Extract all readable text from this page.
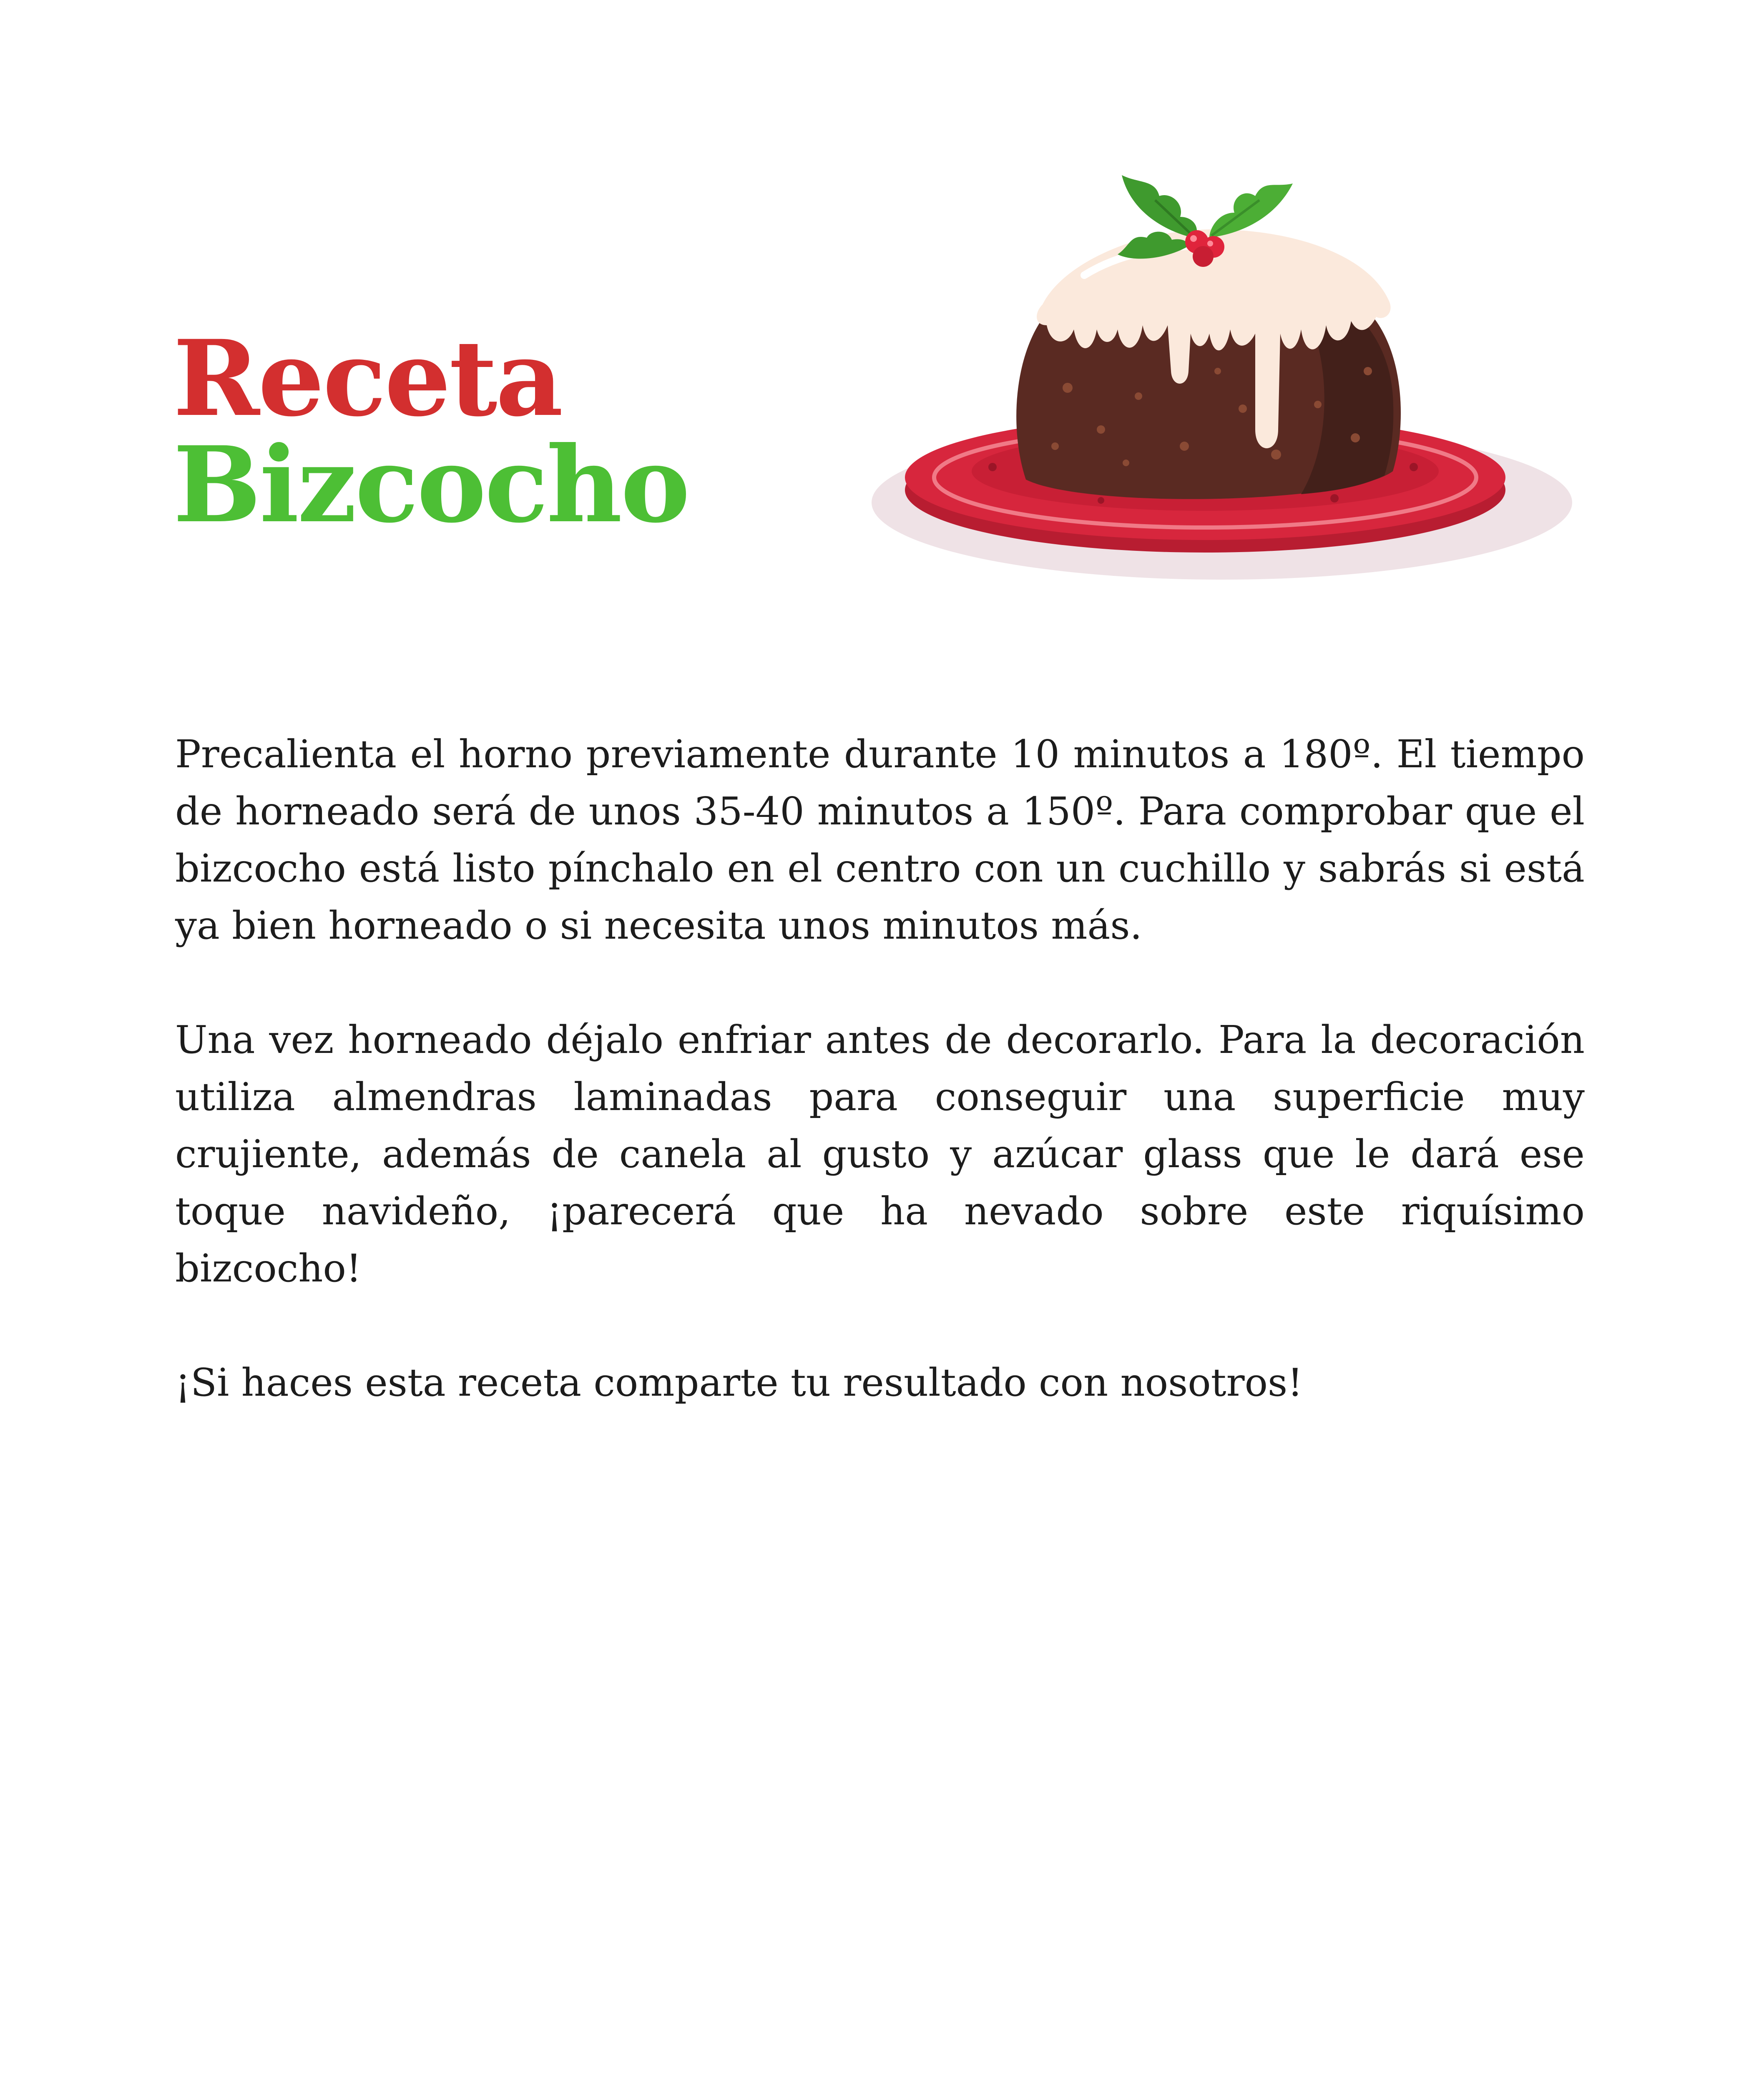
Receta
Bizcocho

Precalienta el horno previamente durante 10 minutos a 180º. El tiempo de horneado será de unos 35-40 minutos a 150º. Para comprobar que el bizcocho está listo pínchalo en el centro con un cuchillo y sabrás si está ya bien horneado o si necesita unos minutos más.

Una vez horneado déjalo enfriar antes de decorarlo. Para la decoración utiliza almendras laminadas para conseguir una superficie muy crujiente, además de canela al gusto y azúcar glass que le dará ese toque navideño, ¡parecerá que ha nevado sobre este riquísimo bizcocho!

¡Si haces esta receta comparte tu resultado con nosotros!
